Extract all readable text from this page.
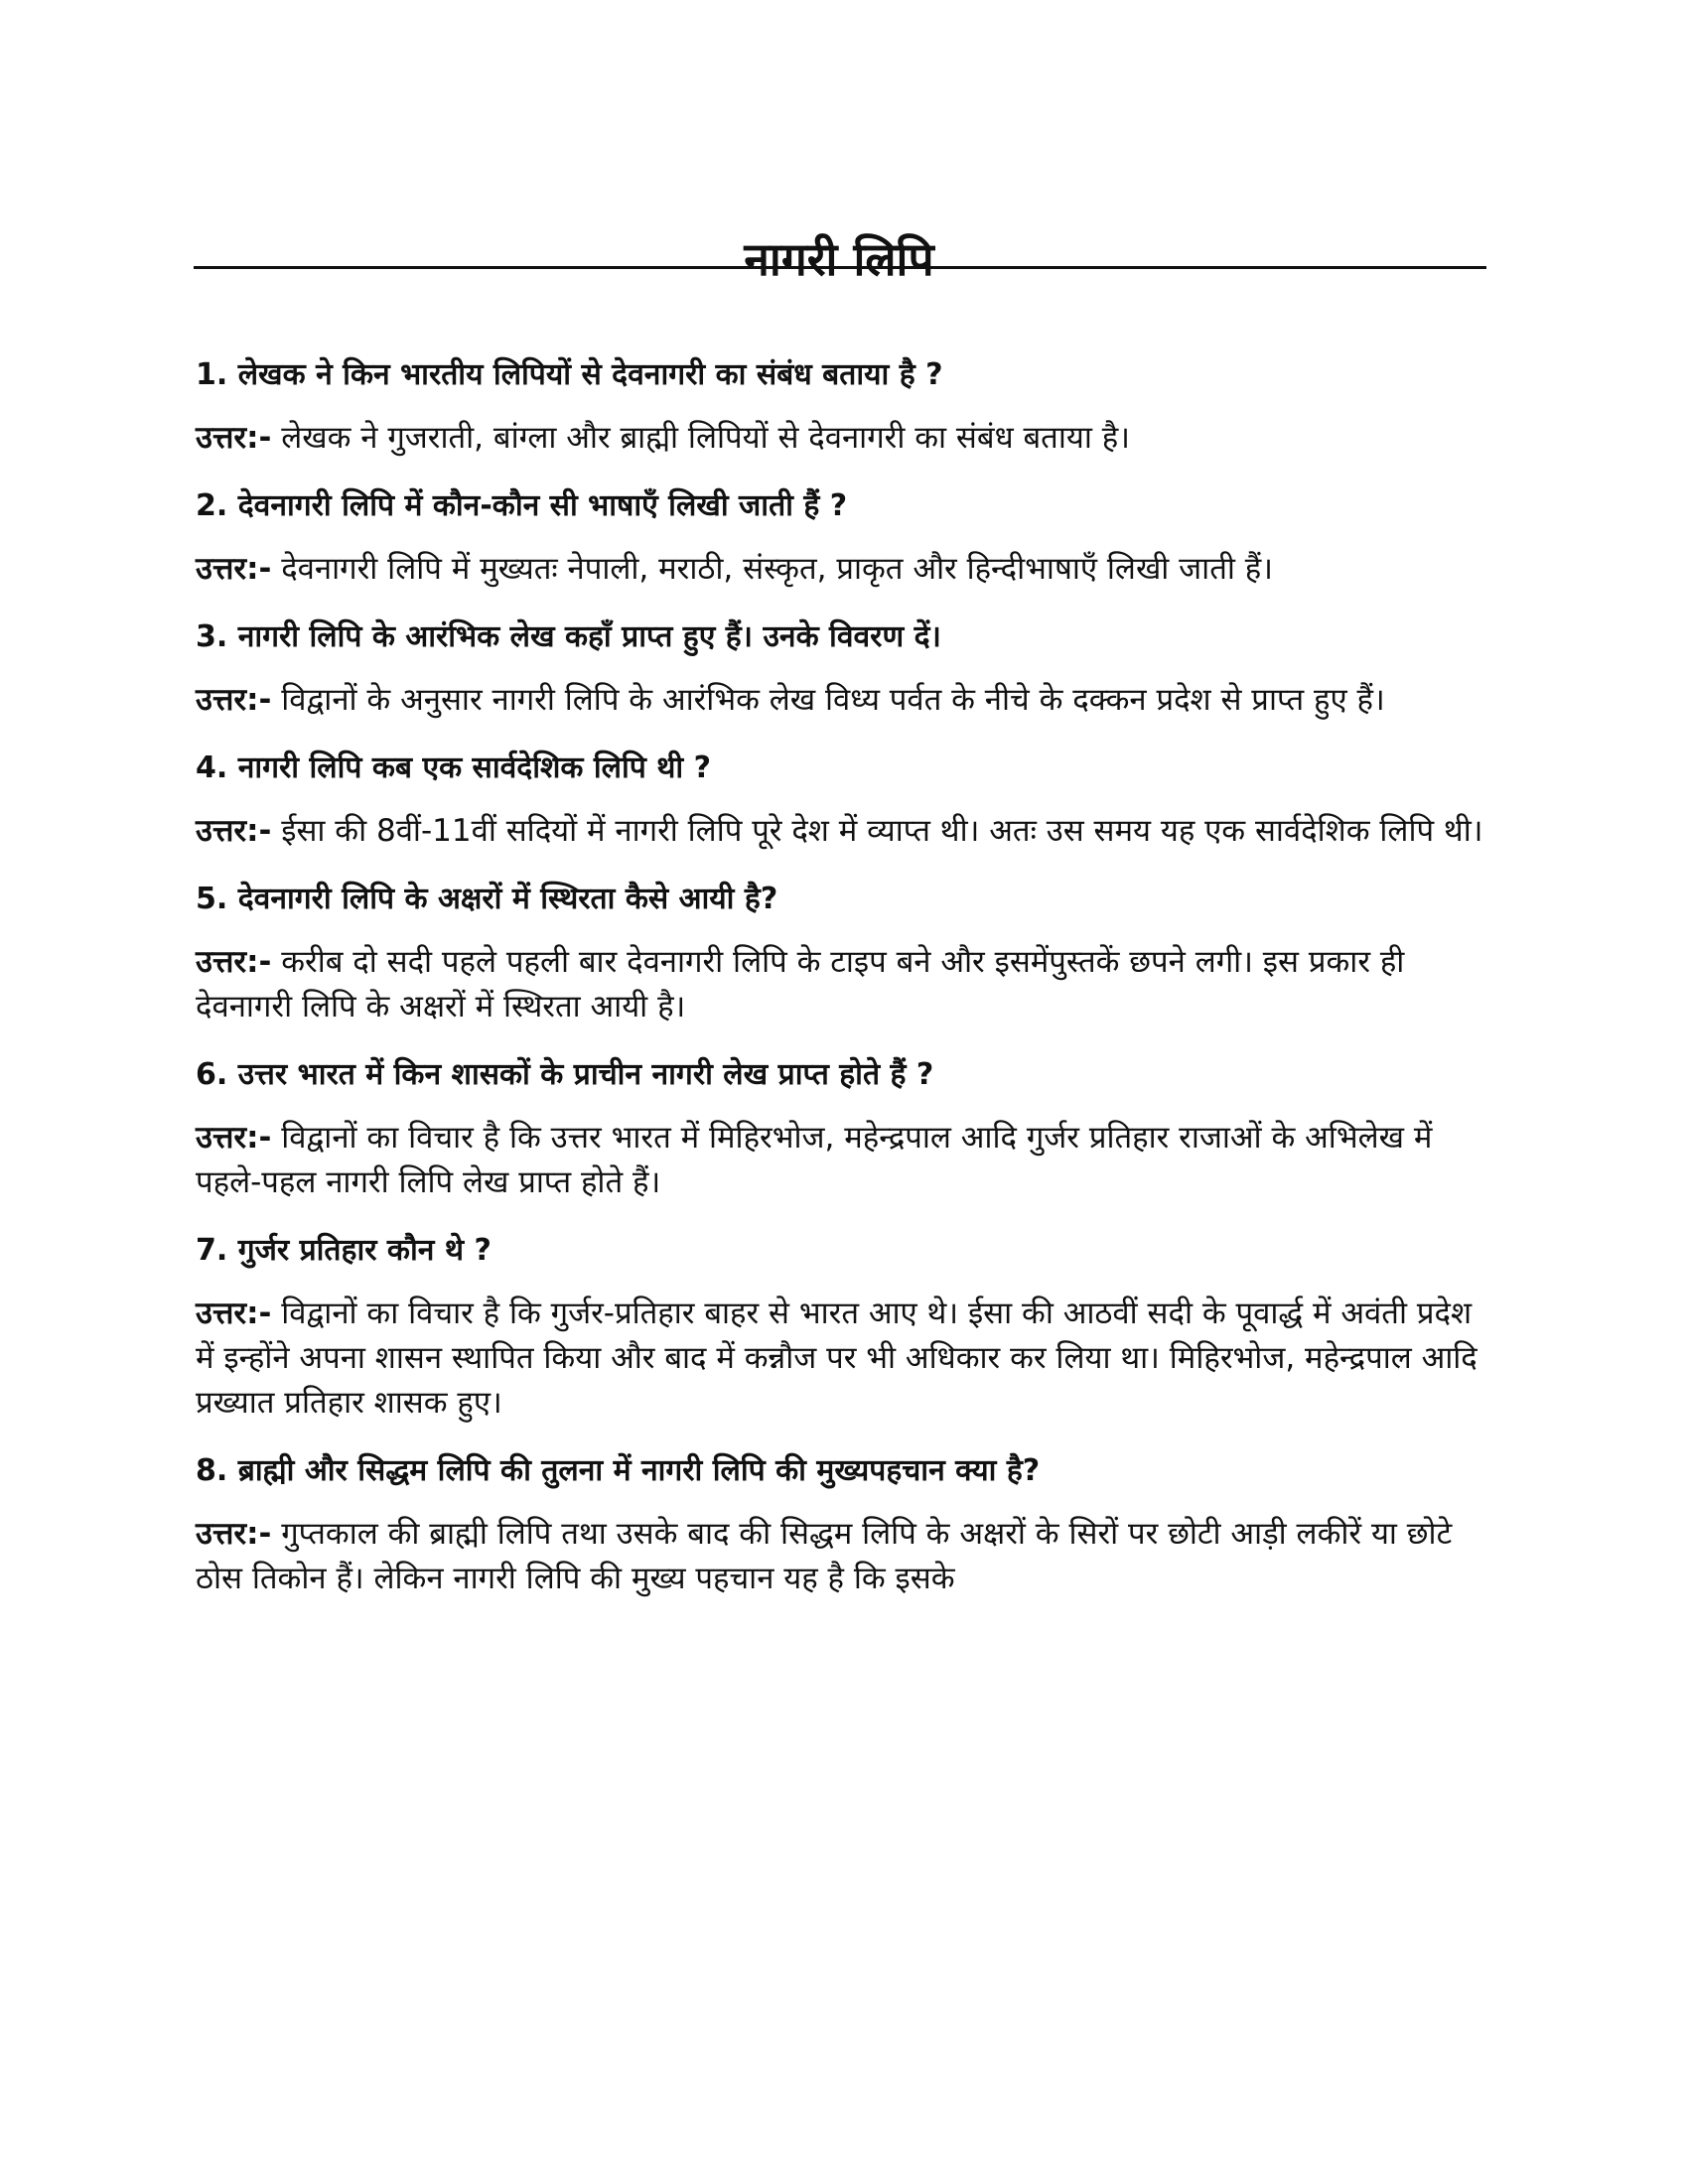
नागरी लिपि

1. लेखक ने किन भारतीय लिपियों से देवनागरी का संबंध बताया है ?

उत्तर:- लेखक ने गुजराती, बांग्ला और ब्राह्मी लिपियों से देवनागरी का संबंध बताया है।

2. देवनागरी लिपि में कौन-कौन सी भाषाएँ लिखी जाती हैं ?

उत्तर:- देवनागरी लिपि में मुख्यतः नेपाली, मराठी, संस्कृत, प्राकृत और हिन्दीभाषाएँ लिखी जाती हैं।

3. नागरी लिपि के आरंभिक लेख कहाँ प्राप्त हुए हैं। उनके विवरण दें।

उत्तर:- विद्वानों के अनुसार नागरी लिपि के आरंभिक लेख विध्य पर्वत के नीचे के दक्कन प्रदेश से प्राप्त हुए हैं।

4. नागरी लिपि कब एक सार्वदेशिक लिपि थी ?

उत्तर:- ईसा की 8वीं-11वीं सदियों में नागरी लिपि पूरे देश में व्याप्त थी। अतः उस समय यह एक सार्वदेशिक लिपि थी।

5. देवनागरी लिपि के अक्षरों में स्थिरता कैसे आयी है?

उत्तर:- करीब दो सदी पहले पहली बार देवनागरी लिपि के टाइप बने और इसमेंपुस्तकें छपने लगी। इस प्रकार ही देवनागरी लिपि के अक्षरों में स्थिरता आयी है।

6. उत्तर भारत में किन शासकों के प्राचीन नागरी लेख प्राप्त होते हैं ?

उत्तर:- विद्वानों का विचार है कि उत्तर भारत में मिहिरभोज, महेन्द्रपाल आदि गुर्जर प्रतिहार राजाओं के अभिलेख में पहले-पहल नागरी लिपि लेख प्राप्त होते हैं।

7. गुर्जर प्रतिहार कौन थे ?

उत्तर:- विद्वानों का विचार है कि गुर्जर-प्रतिहार बाहर से भारत आए थे। ईसा की आठवीं सदी के पूवार्द्ध में अवंती प्रदेश में इन्होंने अपना शासन स्थापित किया और बाद में कन्नौज पर भी अधिकार कर लिया था। मिहिरभोज, महेन्द्रपाल आदि प्रख्यात प्रतिहार शासक हुए।

8. ब्राह्मी और सिद्धम लिपि की तुलना में नागरी लिपि की मुख्यपहचान क्या है?

उत्तर:- गुप्तकाल की ब्राह्मी लिपि तथा उसके बाद की सिद्धम लिपि के अक्षरों के सिरों पर छोटी आड़ी लकीरें या छोटे ठोस तिकोन हैं। लेकिन नागरी लिपि की मुख्य पहचान यह है कि इसके
